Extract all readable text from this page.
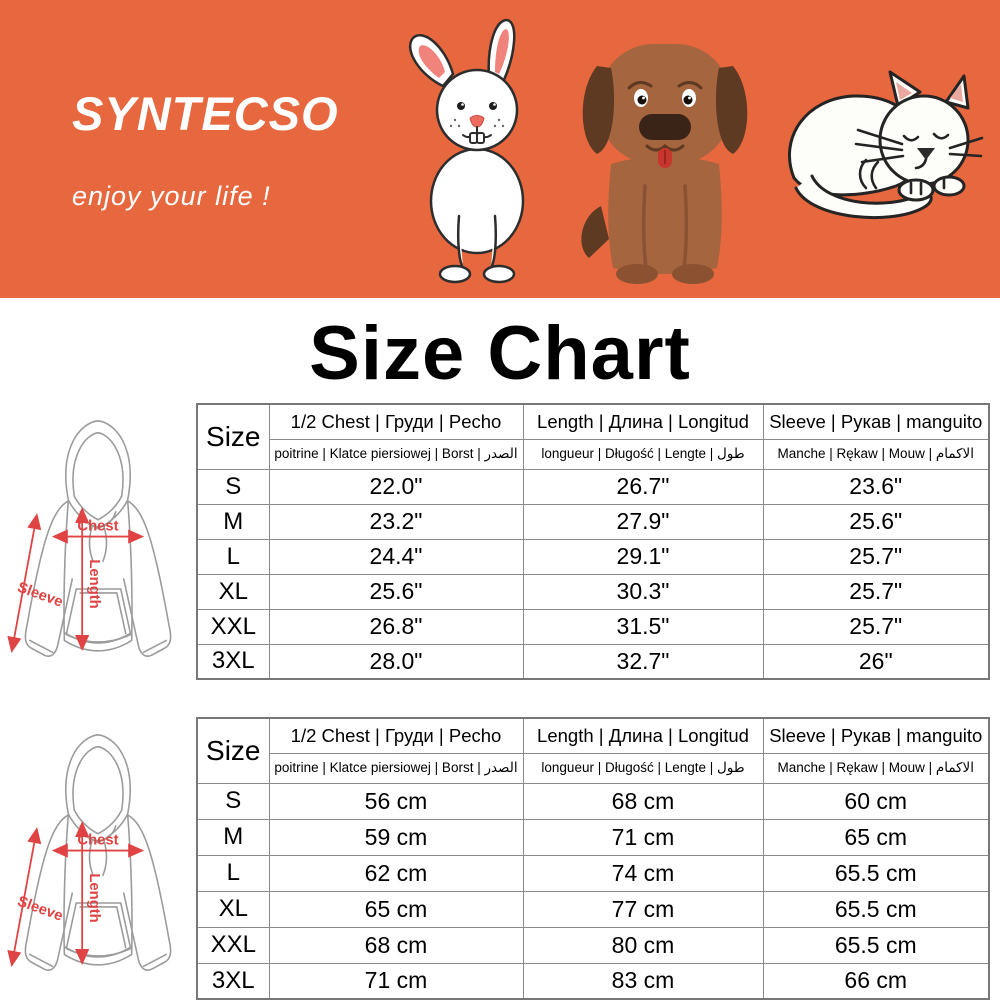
SYNTECSO
enjoy your life !
Size Chart
Chest
Length
Sleeve
Size	1/2 Chest | Груди | Pecho	Length | Длина | Longitud	Sleeve | Рукав | manguito
	poitrine | Klatce piersiowej | Borst | الصدر	longueur | Długość | Lengte | طول	Manche | Rękaw | Mouw | الاكمام
S	22.0"	26.7"	23.6"
M	23.2"	27.9"	25.6"
L	24.4"	29.1"	25.7"
XL	25.6"	30.3"	25.7"
XXL	26.8"	31.5"	25.7"
3XL	28.0"	32.7"	26"
Chest
Length
Sleeve
Size	1/2 Chest | Груди | Pecho	Length | Длина | Longitud	Sleeve | Рукав | manguito
	poitrine | Klatce piersiowej | Borst | الصدر	longueur | Długość | Lengte | طول	Manche | Rękaw | Mouw | الاكمام
S	56 cm	68 cm	60 cm
M	59 cm	71 cm	65 cm
L	62 cm	74 cm	65.5 cm
XL	65 cm	77 cm	65.5 cm
XXL	68 cm	80 cm	65.5 cm
3XL	71 cm	83 cm	66 cm
